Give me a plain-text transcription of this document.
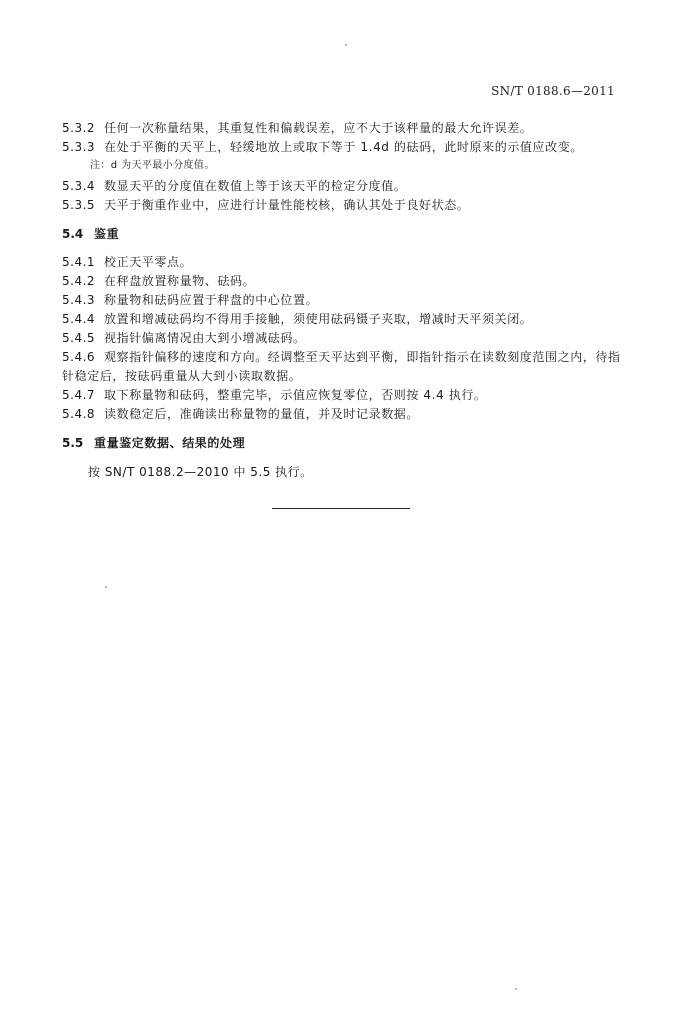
SN/T 0188.6—2011
5.3.2 任何一次称量结果，其重复性和偏载误差，应不大于该秤量的最大允许误差。
5.3.3 在处于平衡的天平上，轻缓地放上或取下等于 1.4d 的砝码，此时原来的示值应改变。
注：d 为天平最小分度值。
5.3.4 数显天平的分度值在数值上等于该天平的检定分度值。
5.3.5 天平于衡重作业中，应进行计量性能校核，确认其处于良好状态。
5.4 鉴重
5.4.1 校正天平零点。
5.4.2 在秤盘放置称量物、砝码。
5.4.3 称量物和砝码应置于秤盘的中心位置。
5.4.4 放置和增减砝码均不得用手接触，须使用砝码镊子夹取，增减时天平须关闭。
5.4.5 视指针偏离情况由大到小增减砝码。
5.4.6 观察指针偏移的速度和方向。经调整至天平达到平衡，即指针指示在读数刻度范围之内，待指
针稳定后，按砝码重量从大到小读取数据。
5.4.7 取下称量物和砝码，整重完毕，示值应恢复零位，否则按 4.4 执行。
5.4.8 读数稳定后，准确读出称量物的量值，并及时记录数据。
5.5 重量鉴定数据、结果的处理
按 SN/T 0188.2—2010 中 5.5 执行。
